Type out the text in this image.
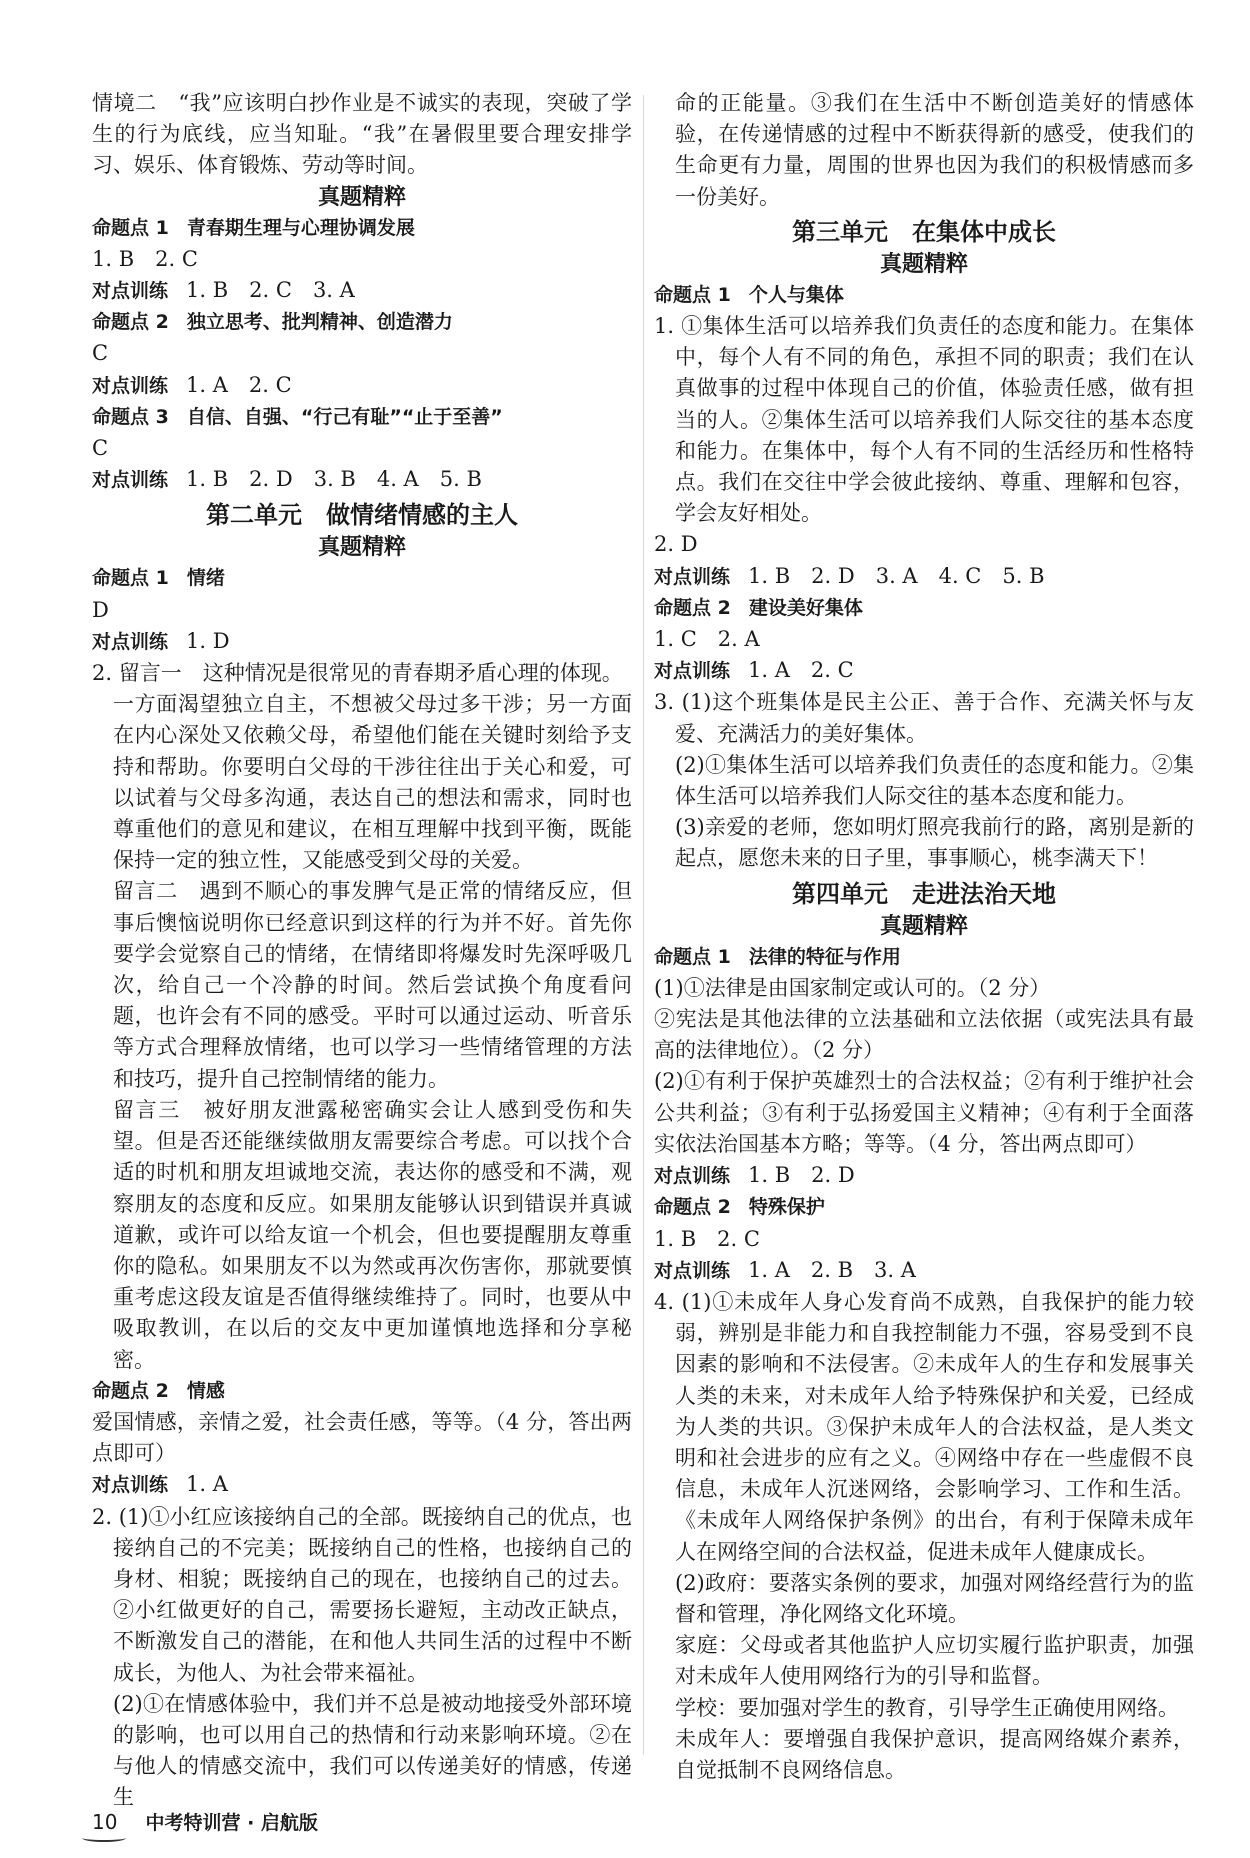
情境二　“我”应该明白抄作业是不诚实的表现，突破了学生的行为底线，应当知耻。“我”在暑假里要合理安排学习、娱乐、体育锻炼、劳动等时间。

真题精粹

命题点 1 青春期生理与心理协调发展

1. B　2. C

对点训练 1. B　2. C　3. A

命题点 2 独立思考、批判精神、创造潜力

C

对点训练 1. A　2. C

命题点 3 自信、自强、“行己有耻”“止于至善”

C

对点训练 1. B　2. D　3. B　4. A　5. B

第二单元　做情绪情感的主人

真题精粹

命题点 1 情绪

D

对点训练 1. D

2. 留言一　这种情况是很常见的青春期矛盾心理的体现。

一方面渴望独立自主，不想被父母过多干涉；另一方面在内心深处又依赖父母，希望他们能在关键时刻给予支持和帮助。你要明白父母的干涉往往出于关心和爱，可以试着与父母多沟通，表达自己的想法和需求，同时也尊重他们的意见和建议，在相互理解中找到平衡，既能保持一定的独立性，又能感受到父母的关爱。

留言二　遇到不顺心的事发脾气是正常的情绪反应，但事后懊恼说明你已经意识到这样的行为并不好。首先你要学会觉察自己的情绪，在情绪即将爆发时先深呼吸几次，给自己一个冷静的时间。然后尝试换个角度看问题，也许会有不同的感受。平时可以通过运动、听音乐等方式合理释放情绪，也可以学习一些情绪管理的方法和技巧，提升自己控制情绪的能力。

留言三　被好朋友泄露秘密确实会让人感到受伤和失望。但是否还能继续做朋友需要综合考虑。可以找个合适的时机和朋友坦诚地交流，表达你的感受和不满，观察朋友的态度和反应。如果朋友能够认识到错误并真诚道歉，或许可以给友谊一个机会，但也要提醒朋友尊重你的隐私。如果朋友不以为然或再次伤害你，那就要慎重考虑这段友谊是否值得继续维持了。同时，也要从中吸取教训，在以后的交友中更加谨慎地选择和分享秘密。

命题点 2 情感

爱国情感，亲情之爱，社会责任感，等等。（4 分，答出两点即可）

对点训练 1. A

2. (1)①小红应该接纳自己的全部。既接纳自己的优点，也接纳自己的不完美；既接纳自己的性格，也接纳自己的身材、相貌；既接纳自己的现在，也接纳自己的过去。②小红做更好的自己，需要扬长避短，主动改正缺点，不断激发自己的潜能，在和他人共同生活的过程中不断成长，为他人、为社会带来福祉。

(2)①在情感体验中，我们并不总是被动地接受外部环境的影响，也可以用自己的热情和行动来影响环境。②在与他人的情感交流中，我们可以传递美好的情感，传递生

命的正能量。③我们在生活中不断创造美好的情感体验，在传递情感的过程中不断获得新的感受，使我们的生命更有力量，周围的世界也因为我们的积极情感而多一份美好。

第三单元　在集体中成长

真题精粹

命题点 1 个人与集体

1. ①集体生活可以培养我们负责任的态度和能力。在集体中，每个人有不同的角色，承担不同的职责；我们在认真做事的过程中体现自己的价值，体验责任感，做有担当的人。②集体生活可以培养我们人际交往的基本态度和能力。在集体中，每个人有不同的生活经历和性格特点。我们在交往中学会彼此接纳、尊重、理解和包容，学会友好相处。

2. D

对点训练 1. B　2. D　3. A　4. C　5. B

命题点 2 建设美好集体

1. C　2. A

对点训练 1. A　2. C

3. (1)这个班集体是民主公正、善于合作、充满关怀与友爱、充满活力的美好集体。

(2)①集体生活可以培养我们负责任的态度和能力。②集体生活可以培养我们人际交往的基本态度和能力。

(3)亲爱的老师，您如明灯照亮我前行的路，离别是新的起点，愿您未来的日子里，事事顺心，桃李满天下！

第四单元　走进法治天地

真题精粹

命题点 1 法律的特征与作用

(1)①法律是由国家制定或认可的。（2 分）

②宪法是其他法律的立法基础和立法依据（或宪法具有最高的法律地位）。（2 分）

(2)①有利于保护英雄烈士的合法权益；②有利于维护社会公共利益；③有利于弘扬爱国主义精神；④有利于全面落实依法治国基本方略；等等。（4 分，答出两点即可）

对点训练 1. B　2. D

命题点 2 特殊保护

1. B　2. C

对点训练 1. A　2. B　3. A

4. (1)①未成年人身心发育尚不成熟，自我保护的能力较弱，辨别是非能力和自我控制能力不强，容易受到不良因素的影响和不法侵害。②未成年人的生存和发展事关人类的未来，对未成年人给予特殊保护和关爱，已经成为人类的共识。③保护未成年人的合法权益，是人类文明和社会进步的应有之义。④网络中存在一些虚假不良信息，未成年人沉迷网络，会影响学习、工作和生活。《未成年人网络保护条例》的出台，有利于保障未成年人在网络空间的合法权益，促进未成年人健康成长。

(2)政府：要落实条例的要求，加强对网络经营行为的监督和管理，净化网络文化环境。

家庭：父母或者其他监护人应切实履行监护职责，加强对未成年人使用网络行为的引导和监督。

学校：要加强对学生的教育，引导学生正确使用网络。

未成年人：要增强自我保护意识，提高网络媒介素养，自觉抵制不良网络信息。

10 中考特训营 · 启航版
